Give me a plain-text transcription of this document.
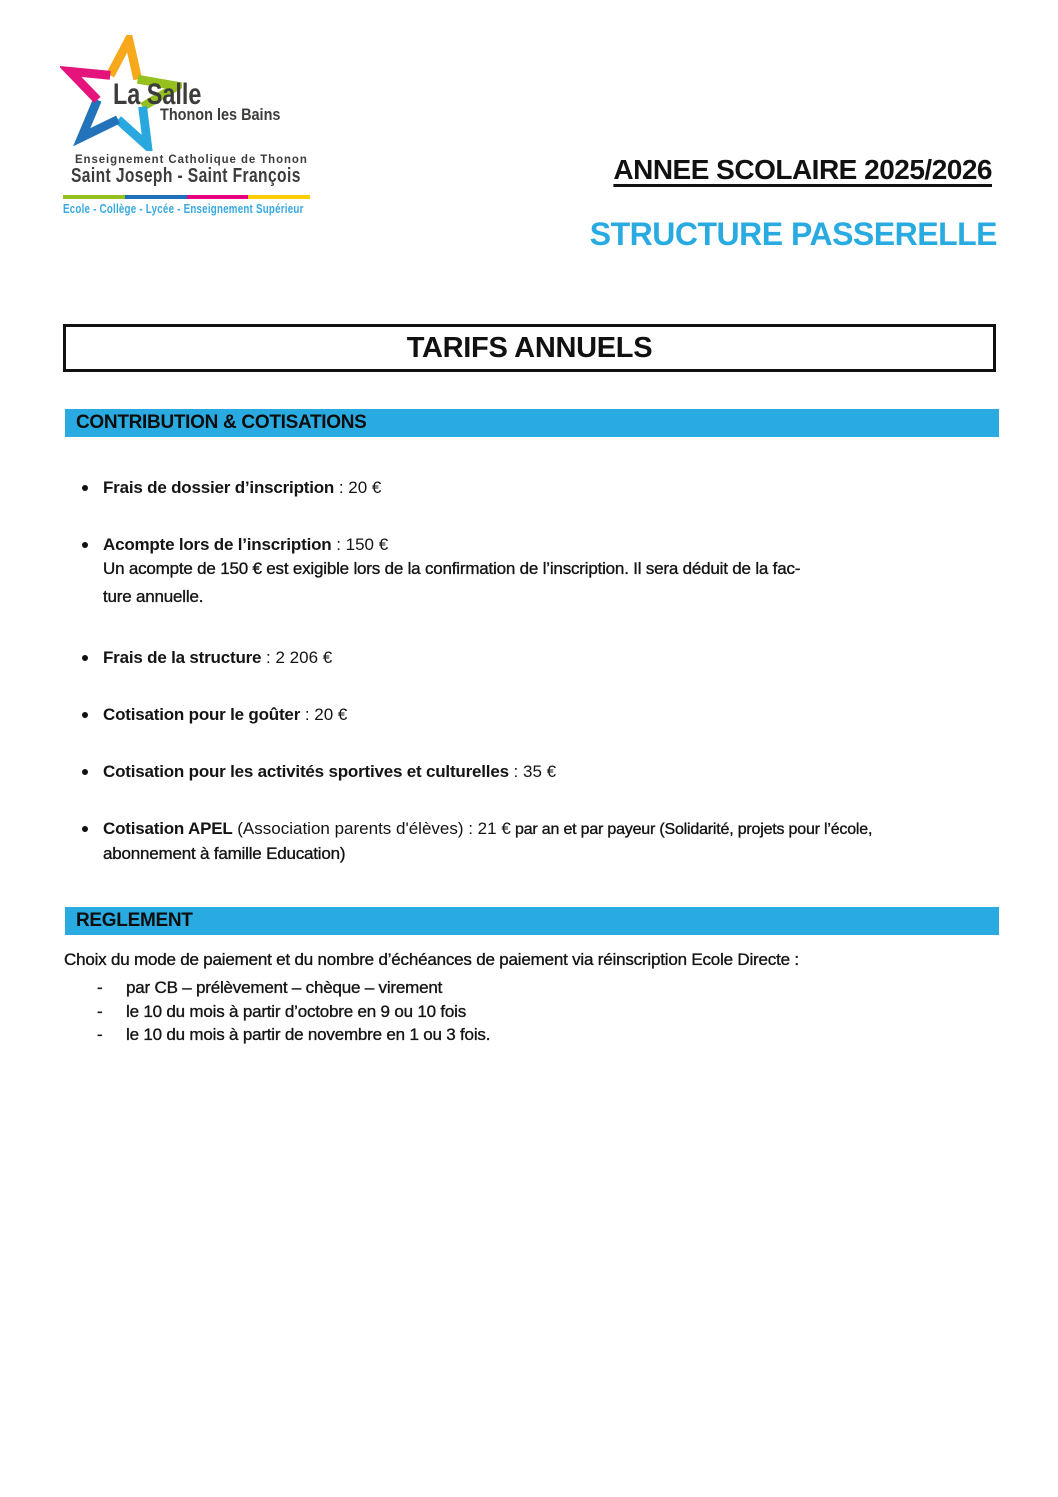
La Salle
Thonon les Bains
Enseignement Catholique de Thonon
Saint Joseph - Saint François
Ecole - Collège - Lycée - Enseignement Supérieur
ANNEE SCOLAIRE 2025/2026
STRUCTURE PASSERELLE
TARIFS ANNUELS
CONTRIBUTION & COTISATIONS
Frais de dossier d’inscription : 20 €
Acompte lors de l’inscription : 150 €
Un acompte de 150 € est exigible lors de la confirmation de l’inscription. Il sera déduit de la fac-
ture annuelle.
Frais de la structure : 2 206 €
Cotisation pour le goûter : 20 €
Cotisation pour les activités sportives et culturelles : 35 €
Cotisation APEL (Association parents d'élèves) : 21 € par an et par payeur (Solidarité, projets pour l’école,
abonnement à famille Education)
REGLEMENT
Choix du mode de paiement et du nombre d’échéances de paiement via réinscription Ecole Directe :
-	par CB – prélèvement – chèque – virement
-	le 10 du mois à partir d’octobre en 9 ou 10 fois
-	le 10 du mois à partir de novembre en 1 ou 3 fois.
